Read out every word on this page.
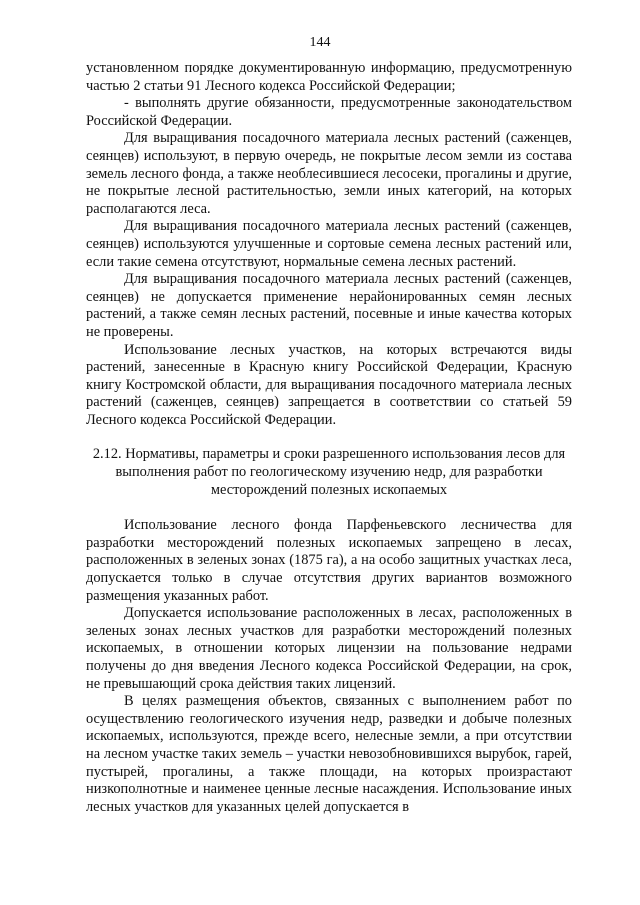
144

установленном порядке документированную информацию, предусмотренную частью 2 статьи 91 Лесного кодекса Российской Федерации;

- выполнять другие обязанности, предусмотренные законодательством Российской Федерации.

Для выращивания посадочного материала лесных растений (саженцев, сеянцев) используют, в первую очередь, не покрытые лесом земли из состава земель лесного фонда, а также необлесившиеся лесосеки, прогалины и другие, не покрытые лесной растительностью, земли иных категорий, на которых располагаются леса.

Для выращивания посадочного материала лесных растений (саженцев, сеянцев) используются улучшенные и сортовые семена лесных растений или, если такие семена отсутствуют, нормальные семена лесных растений.

Для выращивания посадочного материала лесных растений (саженцев, сеянцев) не допускается применение нерайонированных семян лесных растений, а также семян лесных растений, посевные и иные качества которых не проверены.

Использование лесных участков, на которых встречаются виды растений, занесенные в Красную книгу Российской Федерации, Красную книгу Костромской области, для выращивания посадочного материала лесных растений (саженцев, сеянцев) запрещается в соответствии со статьей 59 Лесного кодекса Российской Федерации.

2.12. Нормативы, параметры и сроки разрешенного использования лесов для выполнения работ по геологическому изучению недр, для разработки месторождений полезных ископаемых

Использование лесного фонда Парфеньевского лесничества для разработки месторождений полезных ископаемых запрещено в лесах, расположенных в зеленых зонах (1875 га), а на особо защитных участках леса, допускается только в случае отсутствия других вариантов возможного размещения указанных работ.

Допускается использование расположенных в лесах, расположенных в зеленых зонах лесных участков для разработки месторождений полезных ископаемых, в отношении которых лицензии на пользование недрами получены до дня введения Лесного кодекса Российской Федерации, на срок, не превышающий срока действия таких лицензий.

В целях размещения объектов, связанных с выполнением работ по осуществлению геологического изучения недр, разведки и добыче полезных ископаемых, используются, прежде всего, нелесные земли, а при отсутствии на лесном участке таких земель – участки невозобновившихся вырубок, гарей, пустырей, прогалины, а также площади, на которых произрастают низкополнотные и наименее ценные лесные насаждения. Использование иных лесных участков для указанных целей допускается в
